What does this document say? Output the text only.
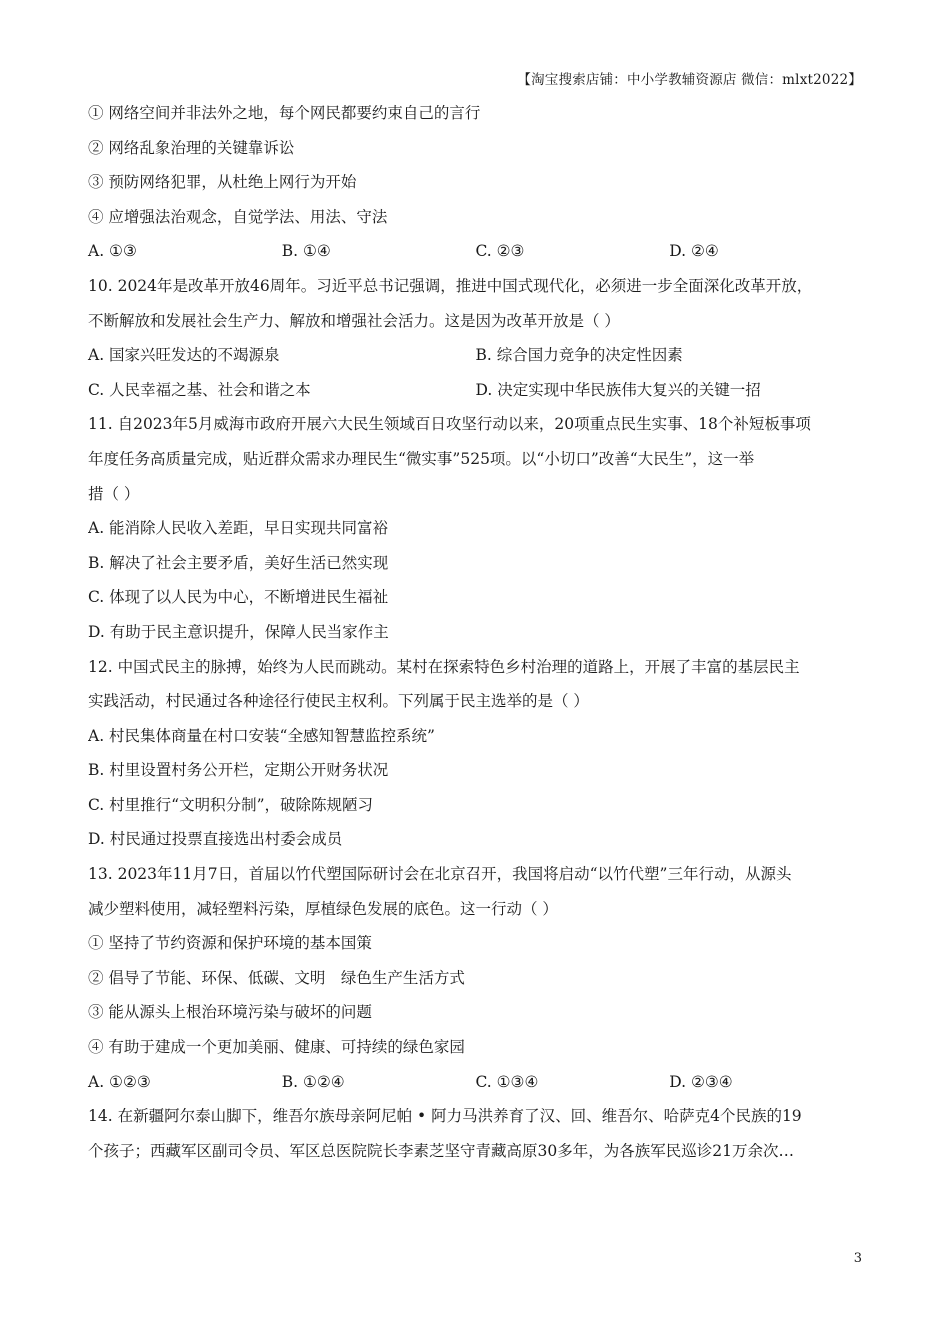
【淘宝搜索店铺：中小学教辅资源店 微信：mlxt2022】
① 网络空间并非法外之地，每个网民都要约束自己的言行
② 网络乱象治理的关键靠诉讼
③ 预防网络犯罪，从杜绝上网行为开始
④ 应增强法治观念，自觉学法、用法、守法
A. ①③	B. ①④	C. ②③	D. ②④
10. 2024年是改革开放46周年。习近平总书记强调，推进中国式现代化，必须进一步全面深化改革开放，
不断解放和发展社会生产力、解放和增强社会活力。这是因为改革开放是（ ）
A. 国家兴旺发达的不竭源泉	B. 综合国力竞争的决定性因素
C. 人民幸福之基、社会和谐之本	D. 决定实现中华民族伟大复兴的关键一招
11. 自2023年5月威海市政府开展六大民生领域百日攻坚行动以来，20项重点民生实事、18个补短板事项
年度任务高质量完成，贴近群众需求办理民生“微实事”525项。以“小切口”改善“大民生”，这一举
措（ ）
A. 能消除人民收入差距，早日实现共同富裕
B. 解决了社会主要矛盾，美好生活已然实现
C. 体现了以人民为中心，不断增进民生福祉
D. 有助于民主意识提升，保障人民当家作主
12. 中国式民主的脉搏，始终为人民而跳动。某村在探索特色乡村治理的道路上，开展了丰富的基层民主
实践活动，村民通过各种途径行使民主权利。下列属于民主选举的是（ ）
A. 村民集体商量在村口安装“全感知智慧监控系统”
B. 村里设置村务公开栏，定期公开财务状况
C. 村里推行“文明积分制”，破除陈规陋习
D. 村民通过投票直接选出村委会成员
13. 2023年11月7日，首届以竹代塑国际研讨会在北京召开，我国将启动“以竹代塑”三年行动，从源头
减少塑料使用，减轻塑料污染，厚植绿色发展的底色。这一行动（ ）
① 坚持了节约资源和保护环境的基本国策
② 倡导了节能、环保、低碳、文明　绿色生产生活方式
③ 能从源头上根治环境污染与破坏的问题
④ 有助于建成一个更加美丽、健康、可持续的绿色家园
A. ①②③	B. ①②④	C. ①③④	D. ②③④
14. 在新疆阿尔泰山脚下，维吾尔族母亲阿尼帕 • 阿力马洪养育了汉、回、维吾尔、哈萨克4个民族的19
个孩子；西藏军区副司令员、军区总医院院长李素芝坚守青藏高原30多年，为各族军民巡诊21万余次…
3
